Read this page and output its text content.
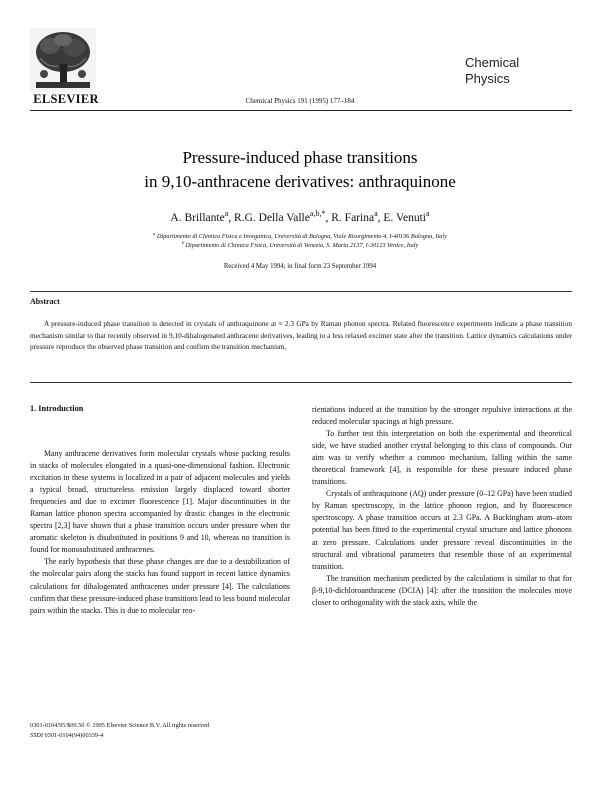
ELSEVIER	Chemical Physics 191 (1995) 177–184
Chemical
Physics
Pressure-induced phase transitions
in 9,10-anthracene derivatives: anthraquinone
A. Brillante$^a$, R.G. Della Valle$^{a,b,*}$, R. Farina$^a$, E. Venuti$^a$
$^a$ Dipartimento di Chimica Fisica e Inorganica, Università di Bologna, Viale Risorgimento 4, I-40136 Bologna, Italy
$^b$ Dipartimento di Chimica Fisica, Università di Venezia, S. Marta 2137, I-30123 Venice, Italy
Received 4 May 1994; in final form 23 September 1994
Abstract

A pressure-induced phase transition is detected in crystals of anthraquinone at ≈ 2.3 GPa by Raman phonon spectra. Related fluorescence experiments indicate a phase transition mechanism similar to that recently observed in 9,10-dihalogenated anthracene derivatives, leading to a less relaxed excimer state after the transition. Lattice dynamics calculations under pressure reproduce the observed phase transition and confirm the transition mechanism.

1. Introduction

Many anthracene derivatives form molecular crystals whose packing results in stacks of molecules elongated in a quasi-one-dimensional fashion. Electronic excitation in these systems is localized in a pair of adjacent molecules and yields a typical broad, structureless emission largely displaced toward shorter frequencies and due to excimer fluorescence [1]. Major discontinuities in the Raman lattice phonon spectra accompanied by drastic changes in the electronic spectra [2,3] have shown that a phase transition occurs under pressure when the aromatic skeleton is disubstituted in positions 9 and 10, whereas no transition is found for monosubstituted anthracenes.

The early hypothesis that these phase changes are due to a destabilization of the molecular pairs along the stacks has found support in recent lattice dynamics calculations for dihalogenated anthracenes under pressure [4]. The calculations confirm that these pressure-induced phase transitions lead to less bound molecular pairs within the stacks. This is due to molecular reo-

rientations induced at the transition by the stronger repulsive interactions at the reduced molecular spacings at high pressure.

To further test this interpretation on both the experimental and theoretical side, we have studied another crystal belonging to this class of compounds. Our aim was to verify whether a common mechanism, falling within the same theoretical framework [4], is responsible for these pressure induced phase transitions.

Crystals of anthraquinone (AQ) under pressure (0–12 GPa) have been studied by Raman spectroscopy, in the lattice phonon region, and by fluorescence spectroscopy. A phase transition occurs at 2.3 GPa. A Buckingham atom–atom potential has been fitted to the experimental crystal structure and lattice phonons at zero pressure. Calculations under pressure reveal discontinuities in the structural and vibrational parameters that resemble those of an experimental transition.

The transition mechanism predicted by the calculations is similar to that for β-9,10-dichloroanthracene (DCIA) [4]: after the transition the molecules move closer to orthogonality with the stack axis, while the

0301-0104/95/$09.50 © 1995 Elsevier Science B.V. All rights reserved
SSDI 0301-0104(94)00339-4
